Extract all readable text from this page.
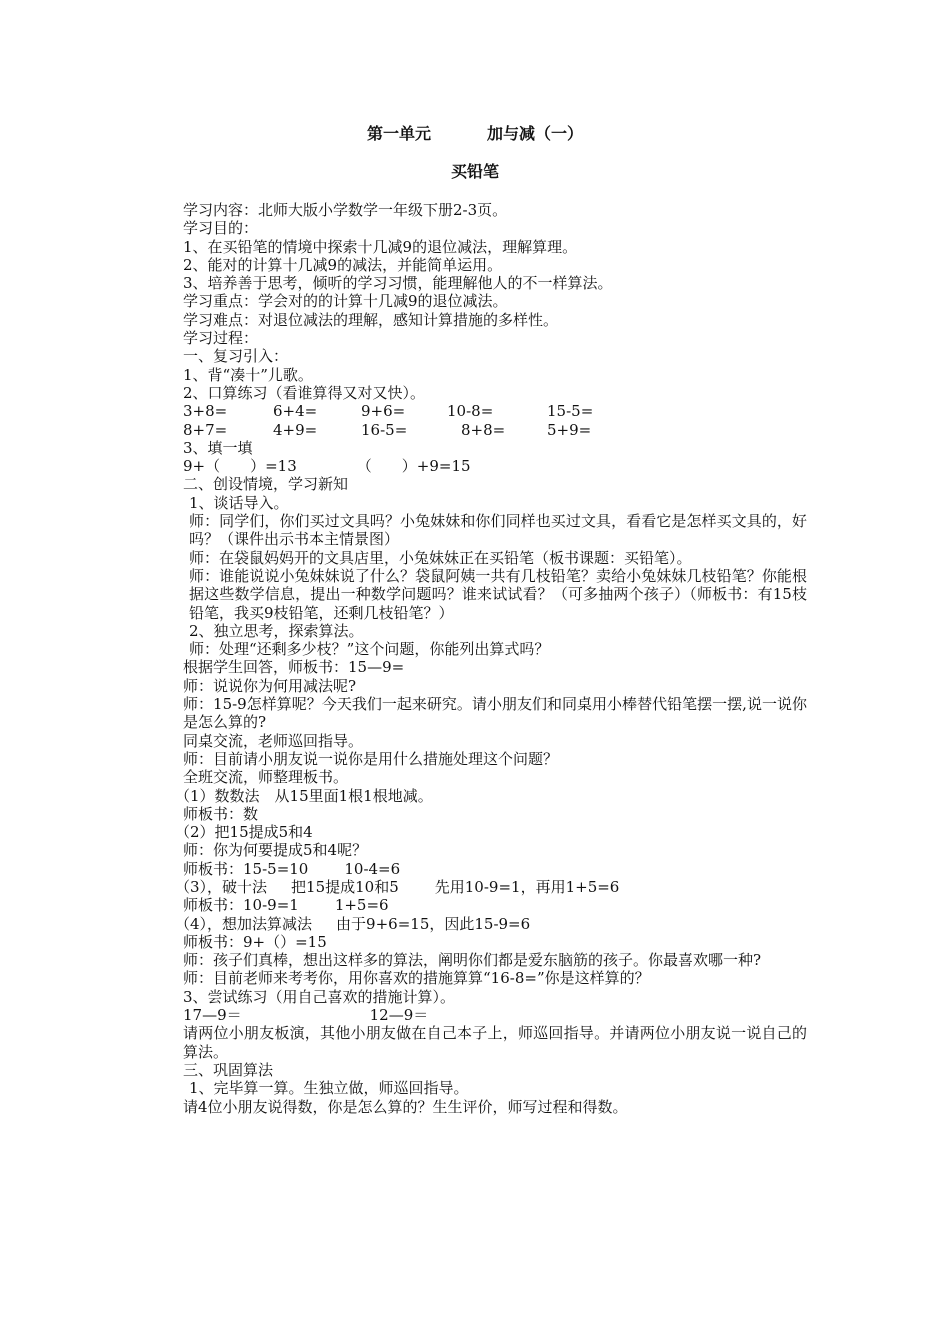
第一单元	加与减（一）
买铅笔

学习内容：北师大版小学数学一年级下册2-3页。

学习目的：

1、在买铅笔的情境中探索十几减9的退位减法，理解算理。

2、能对的计算十几减9的减法，并能简单运用。

3、培养善于思考，倾听的学习习惯，能理解他人的不一样算法。

学习重点：学会对的的计算十几减9的退位减法。

学习难点：对退位减法的理解，感知计算措施的多样性。

学习过程：

一、复习引入：

1、背“凑十”儿歌。

2、口算练习（看谁算得又对又快）。

3+8=	6+4=	9+6=	10-8=	15-5=
8+7=	4+9=	16-5=	8+8=	5+9=

3、填一填

9+（　　）=13	（　　）+9=15

二、创设情境，学习新知

1、谈话导入。

师：同学们，你们买过文具吗？小兔妹妹和你们同样也买过文具，看看它是怎样买文具的，好吗？（课件出示书本主情景图）

师：在袋鼠妈妈开的文具店里，小兔妹妹正在买铅笔（板书课题：买铅笔）。

师：谁能说说小兔妹妹说了什么？袋鼠阿姨一共有几枝铅笔？卖给小兔妹妹几枝铅笔？你能根据这些数学信息，提出一种数学问题吗？谁来试试看？（可多抽两个孩子）（师板书：有15枝铅笔，我买9枝铅笔，还剩几枝铅笔？）

2、独立思考，探索算法。

师：处理“还剩多少枝？”这个问题，你能列出算式吗？

根据学生回答，师板书：15—9=

师：说说你为何用减法呢?

师：15-9怎样算呢？今天我们一起来研究。请小朋友们和同桌用小棒替代铅笔摆一摆,说一说你是怎么算的?

同桌交流，老师巡回指导。

师：目前请小朋友说一说你是用什么措施处理这个问题？

全班交流，师整理板书。

（1）数数法　从15里面1根1根地减。

师板书：数

（2）把15提成5和4

师：你为何要提成5和4呢？

师板书：15-5=10 10-4=6

（3），破十法 把15提成10和5 先用10-9=1，再用1+5=6

师板书：10-9=1 1+5=6

（4），想加法算减法 由于9+6=15，因此15-9=6

师板书：9+（）=15

师：孩子们真棒，想出这样多的算法，阐明你们都是爱东脑筋的孩子。你最喜欢哪一种?

师：目前老师来考考你，用你喜欢的措施算算“16-8=”你是这样算的？

3、尝试练习（用自己喜欢的措施计算）。

17—9＝	12—9＝

请两位小朋友板演，其他小朋友做在自己本子上，师巡回指导。并请两位小朋友说一说自己的算法。

三、巩固算法

1、完毕算一算。生独立做，师巡回指导。

请4位小朋友说得数，你是怎么算的？生生评价，师写过程和得数。
